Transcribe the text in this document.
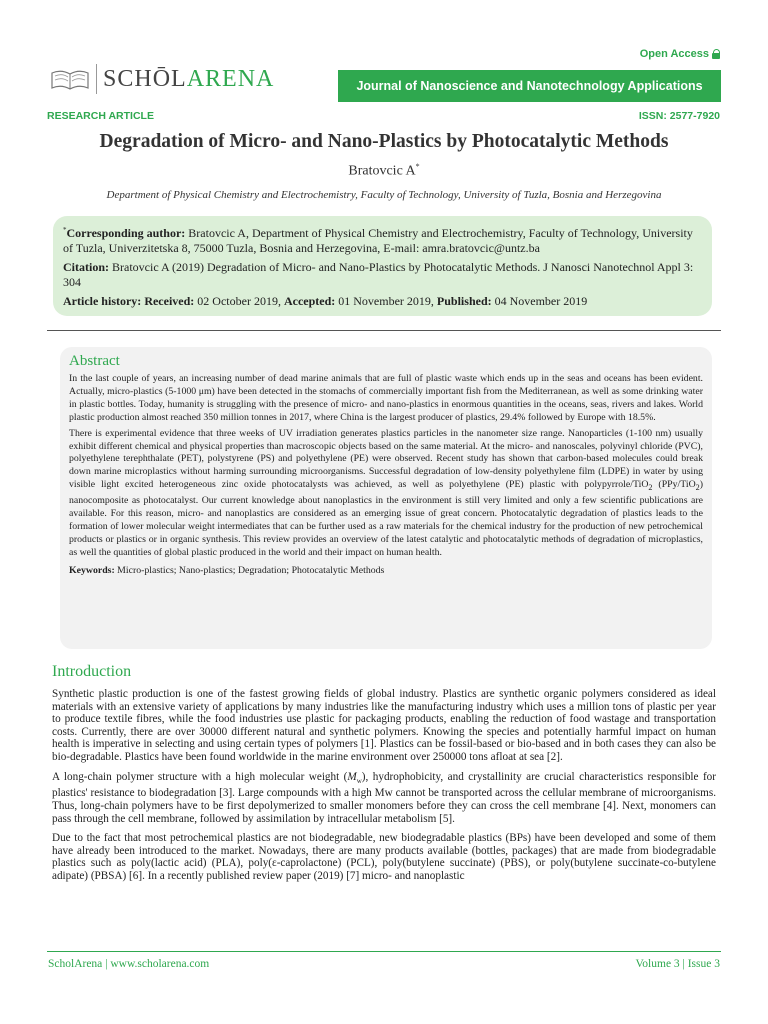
Open Access
SCHŌLARENA	Journal of Nanoscience and Nanotechnology Applications
RESEARCH ARTICLE	ISSN: 2577-7920
Degradation of Micro- and Nano-Plastics by Photocatalytic Methods
Bratovcic A*
Department of Physical Chemistry and Electrochemistry, Faculty of Technology, University of Tuzla, Bosnia and Herzegovina

*Corresponding author: Bratovcic A, Department of Physical Chemistry and Electrochemistry, Faculty of Technology, University of Tuzla, Univerzitetska 8, 75000 Tuzla, Bosnia and Herzegovina, E-mail: amra.bratovcic@untz.ba

Citation: Bratovcic A (2019) Degradation of Micro- and Nano-Plastics by Photocatalytic Methods. J Nanosci Nanotechnol Appl 3: 304

Article history: Received: 02 October 2019, Accepted: 01 November 2019, Published: 04 November 2019

Abstract

In the last couple of years, an increasing number of dead marine animals that are full of plastic waste which ends up in the seas and oceans has been evident. Actually, micro-plastics (5-1000 μm) have been detected in the stomachs of commercially important fish from the Mediterranean, as well as some drinking water in plastic bottles. Today, humanity is struggling with the presence of micro- and nano-plastics in enormous quantities in the oceans, seas, rivers and lakes. World plastic production almost reached 350 million tonnes in 2017, where China is the largest producer of plastics, 29.4% followed by Europe with 18.5%.

There is experimental evidence that three weeks of UV irradiation generates plastics particles in the nanometer size range. Nanoparticles (1-100 nm) usually exhibit different chemical and physical properties than macroscopic objects based on the same material. At the micro- and nanoscales, polyvinyl chloride (PVC), polyethylene terephthalate (PET), polystyrene (PS) and polyethylene (PE) were observed. Recent study has shown that carbon-based molecules could break down marine microplastics without harming surrounding microorganisms. Successful degradation of low-density polyethylene film (LDPE) in water by using visible light excited heterogeneous zinc oxide photocatalysts was achieved, as well as polyethylene (PE) plastic with polypyrrole/TiO$_2$ (PPy/TiO$_2$) nanocomposite as photocatalyst. Our current knowledge about nanoplastics in the environment is still very limited and only a few scientific publications are available. For this reason, micro- and nanoplastics are considered as an emerging issue of great concern. Photocatalytic degradation of plastics leads to the formation of lower molecular weight intermediates that can be further used as a raw materials for the chemical industry for the production of new petrochemical products or plastics or in organic synthesis. This review provides an overview of the latest catalytic and photocatalytic methods of degradation of microplastics, as well the quantities of global plastic produced in the world and their impact on human health.

Keywords: Micro-plastics; Nano-plastics; Degradation; Photocatalytic Methods
Introduction

Synthetic plastic production is one of the fastest growing fields of global industry. Plastics are synthetic organic polymers considered as ideal materials with an extensive variety of applications by many industries like the manufacturing industry which uses a million tons of plastic per year to produce textile fibres, while the food industries use plastic for packaging products, enabling the reduction of food wastage and transportation costs. Currently, there are over 30000 different natural and synthetic polymers. Knowing the species and potentially harmful impact on human health is imperative in selecting and using certain types of polymers [1]. Plastics can be fossil-based or bio-based and in both cases they can also be bio-degradable. Plastics have been found worldwide in the marine environment over 250000 tons afloat at sea [2].

A long-chain polymer structure with a high molecular weight $(M_w)$, hydrophobicity, and crystallinity are crucial characteristics responsible for plastics' resistance to biodegradation [3]. Large compounds with a high Mw cannot be transported across the cellular membrane of microorganisms. Thus, long-chain polymers have to be first depolymerized to smaller monomers before they can cross the cell membrane [4]. Next, monomers can pass through the cell membrane, followed by assimilation by intracellular metabolism [5].

Due to the fact that most petrochemical plastics are not biodegradable, new biodegradable plastics (BPs) have been developed and some of them have already been introduced to the market. Nowadays, there are many products available (bottles, packages) that are made from biodegradable plastics such as poly(lactic acid) (PLA), poly(ε-caprolactone) (PCL), poly(butylene succinate) (PBS), or poly(butylene succinate-co-butylene adipate) (PBSA) [6]. In a recently published review paper (2019) [7] micro- and nanoplastic

ScholArena | www.scholarena.com	Volume 3 | Issue 3
